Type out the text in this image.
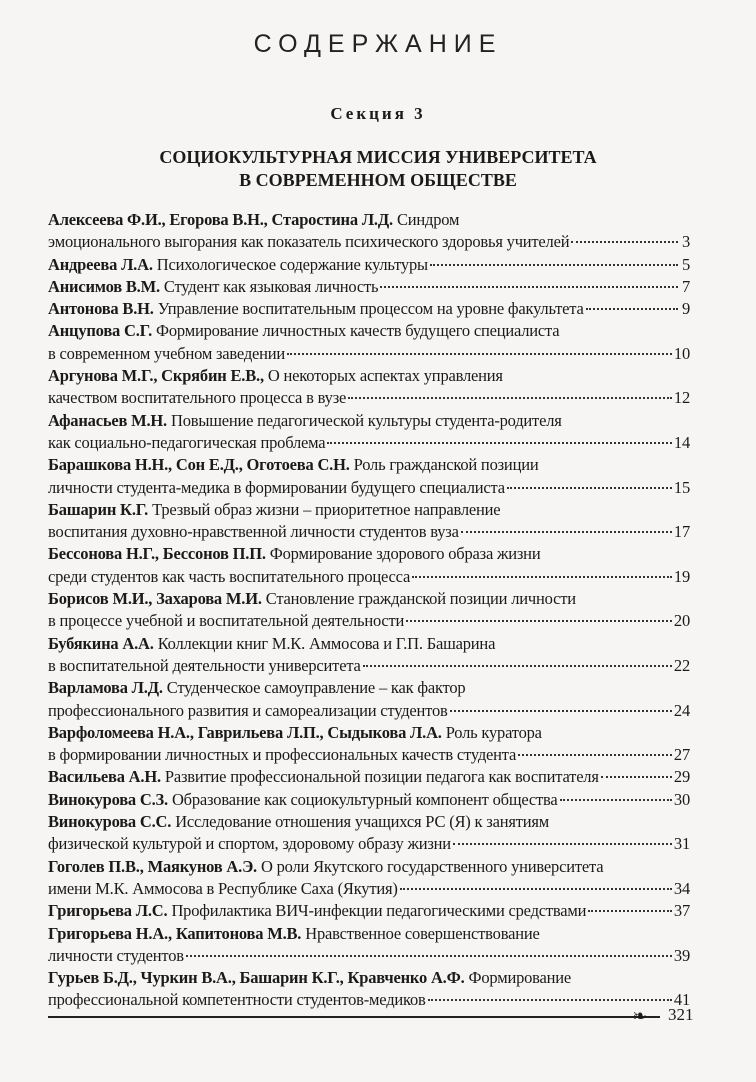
СОДЕРЖАНИЕ
Секция 3
СОЦИОКУЛЬТУРНАЯ МИССИЯ УНИВЕРСИТЕТА
В СОВРЕМЕННОМ ОБЩЕСТВЕ
Алексеева Ф.И., Егорова В.Н., Старостина Л.Д. Синдром
эмоционального выгорания как показатель психического здоровья учителей	3
Андреева Л.А. Психологическое содержание культуры	5
Анисимов В.М. Студент как языковая личность	7
Антонова В.Н. Управление воспитательным процессом на уровне факультета	9
Анцупова С.Г. Формирование личностных качеств будущего специалиста
в современном учебном заведении	10
Аргунова М.Г., Скрябин Е.В., О некоторых аспектах управления
качеством воспитательного процесса в вузе	12
Афанасьев М.Н. Повышение педагогической культуры студента-родителя
как социально-педагогическая проблема	14
Барашкова Н.Н., Сон Е.Д., Оготоева С.Н. Роль гражданской позиции
личности студента-медика в формировании будущего специалиста	15
Башарин К.Г. Трезвый образ жизни – приоритетное направление
воспитания духовно-нравственной личности студентов вуза	17
Бессонова Н.Г., Бессонов П.П. Формирование здорового образа жизни
среди студентов как часть воспитательного процесса	19
Борисов М.И., Захарова М.И. Становление гражданской позиции личности
в процессе учебной и воспитательной деятельности	20
Бубякина А.А. Коллекции книг М.К. Аммосова и Г.П. Башарина
в воспитательной деятельности университета	22
Варламова Л.Д. Студенческое самоуправление – как фактор
профессионального развития и самореализации студентов	24
Варфоломеева Н.А., Гаврильева Л.П., Сыдыкова Л.А. Роль куратора
в формировании личностных и профессиональных качеств студента	27
Васильева А.Н. Развитие профессиональной позиции педагога как воспитателя	29
Винокурова С.З. Образование как социокультурный компонент общества	30
Винокурова С.С. Исследование отношения учащихся РС (Я) к занятиям
физической культурой и спортом, здоровому образу жизни	31
Гоголев П.В., Маякунов А.Э. О роли Якутского государственного университета
имени М.К. Аммосова в Республике Саха (Якутия)	34
Григорьева Л.С. Профилактика ВИЧ-инфекции педагогическими средствами	37
Григорьева Н.А., Капитонова М.В. Нравственное совершенствование
личности студентов	39
Гурьев Б.Д., Чуркин В.А., Башарин К.Г., Кравченко А.Ф. Формирование
профессиональной компетентности студентов-медиков	41
❧ 321
